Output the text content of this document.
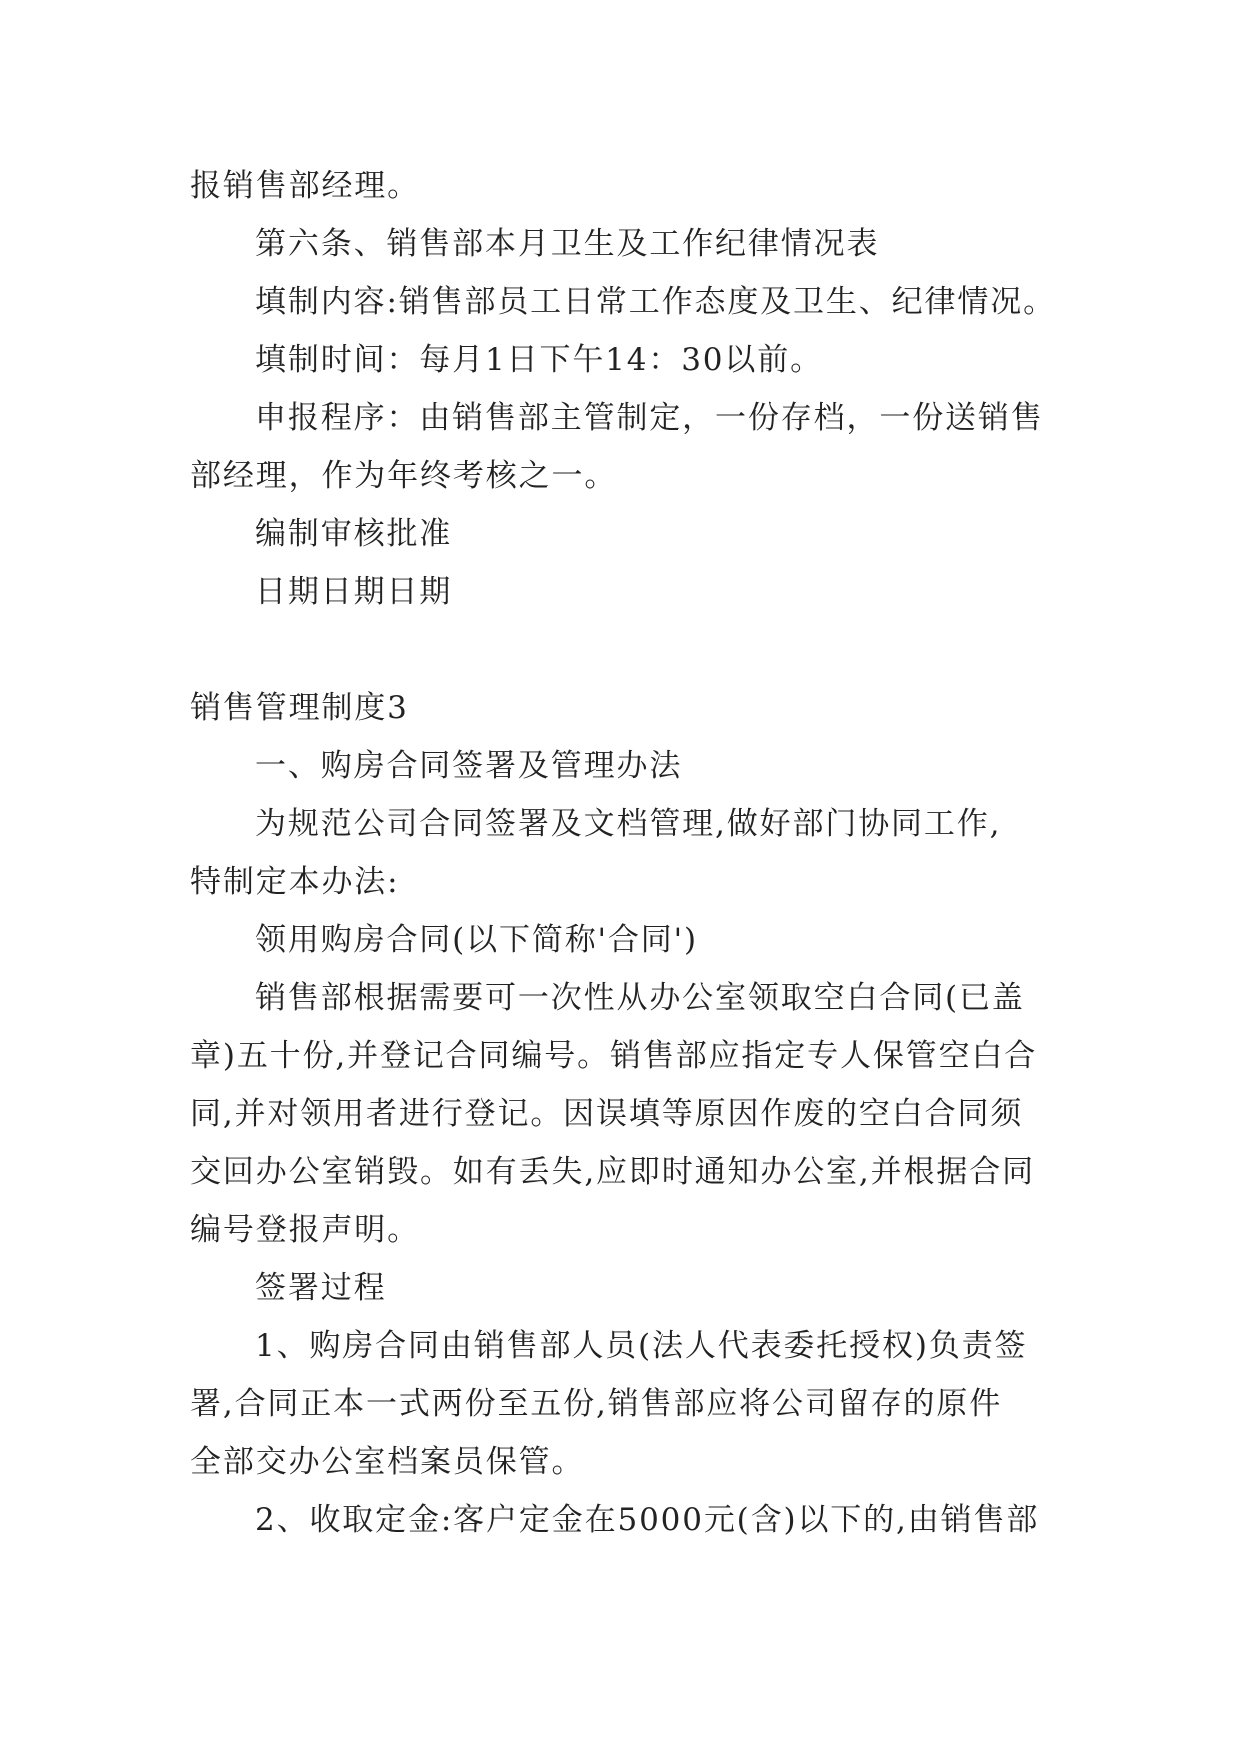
报销售部经理。
第六条、销售部本月卫生及工作纪律情况表
填制内容:销售部员工日常工作态度及卫生、纪律情况。
填制时间：每月1日下午14：30以前。
申报程序：由销售部主管制定，一份存档，一份送销售
部经理，作为年终考核之一。
编制审核批准
日期日期日期
销售管理制度3
一、购房合同签署及管理办法
为规范公司合同签署及文档管理,做好部门协同工作,
特制定本办法:
领用购房合同(以下简称'合同')
销售部根据需要可一次性从办公室领取空白合同(已盖
章)五十份,并登记合同编号。销售部应指定专人保管空白合
同,并对领用者进行登记。因误填等原因作废的空白合同须
交回办公室销毁。如有丢失,应即时通知办公室,并根据合同
编号登报声明。
签署过程
1、购房合同由销售部人员(法人代表委托授权)负责签
署,合同正本一式两份至五份,销售部应将公司留存的原件
全部交办公室档案员保管。
2、收取定金:客户定金在5000元(含)以下的,由销售部
